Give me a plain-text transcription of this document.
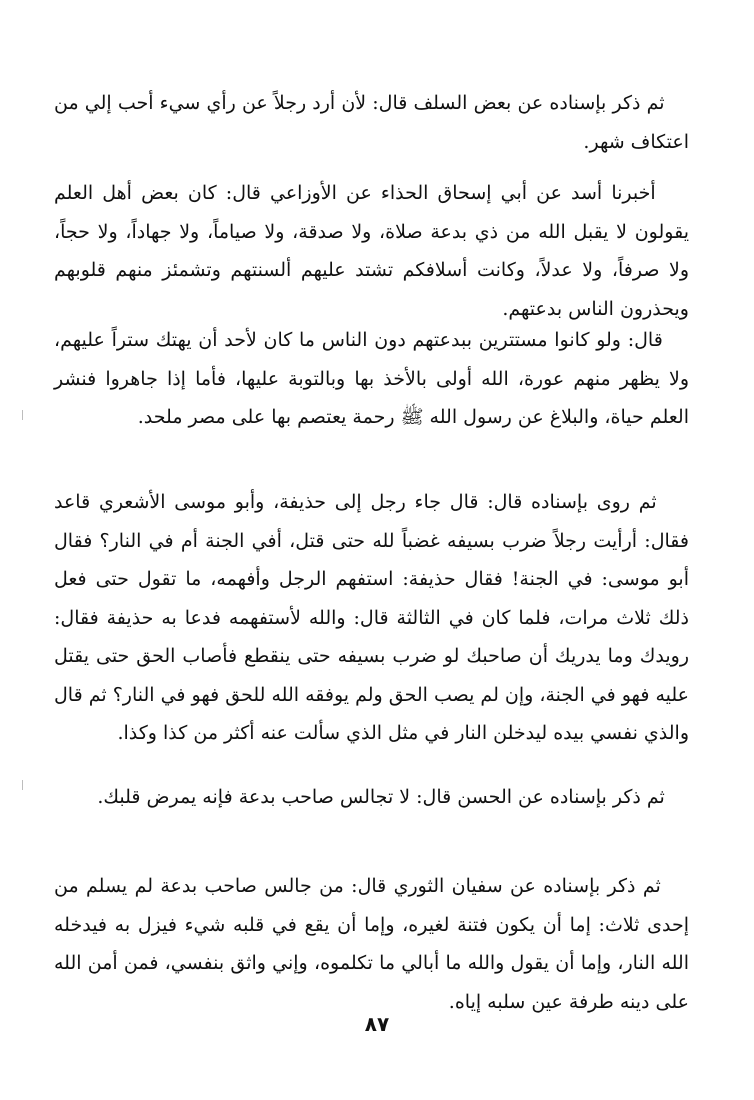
ثم ذكر بإسناده عن بعض السلف قال: لأن أرد رجلاً عن رأي سيء أحب إلي من اعتكاف شهر.

أخبرنا أسد عن أبي إسحاق الحذاء عن الأوزاعي قال: كان بعض أهل العلم يقولون لا يقبل الله من ذي بدعة صلاة، ولا صدقة، ولا صياماً، ولا جهاداً، ولا حجاً، ولا صرفاً، ولا عدلاً، وكانت أسلافكم تشتد عليهم ألسنتهم وتشمئز منهم قلوبهم ويحذرون الناس بدعتهم.

قال: ولو كانوا مستترين ببدعتهم دون الناس ما كان لأحد أن يهتك ستراً عليهم، ولا يظهر منهم عورة، الله أولى بالأخذ بها وبالتوبة عليها، فأما إذا جاهروا فنشر العلم حياة، والبلاغ عن رسول الله ﷺ رحمة يعتصم بها على مصر ملحد.

ثم روى بإسناده قال: قال جاء رجل إلى حذيفة، وأبو موسى الأشعري قاعد فقال: أرأيت رجلاً ضرب بسيفه غضباً لله حتى قتل، أفي الجنة أم في النار؟ فقال أبو موسى: في الجنة! فقال حذيفة: استفهم الرجل وأفهمه، ما تقول حتى فعل ذلك ثلاث مرات، فلما كان في الثالثة قال: والله لأستفهمه فدعا به حذيفة فقال: رويدك وما يدريك أن صاحبك لو ضرب بسيفه حتى ينقطع فأصاب الحق حتى يقتل عليه فهو في الجنة، وإن لم يصب الحق ولم يوفقه الله للحق فهو في النار؟ ثم قال والذي نفسي بيده ليدخلن النار في مثل الذي سألت عنه أكثر من كذا وكذا.

ثم ذكر بإسناده عن الحسن قال: لا تجالس صاحب بدعة فإنه يمرض قلبك.

ثم ذكر بإسناده عن سفيان الثوري قال: من جالس صاحب بدعة لم يسلم من إحدى ثلاث: إما أن يكون فتنة لغيره، وإما أن يقع في قلبه شيء فيزل به فيدخله الله النار، وإما أن يقول والله ما أبالي ما تكلموه، وإني واثق بنفسي، فمن أمن الله على دينه طرفة عين سلبه إياه.

٨٧
